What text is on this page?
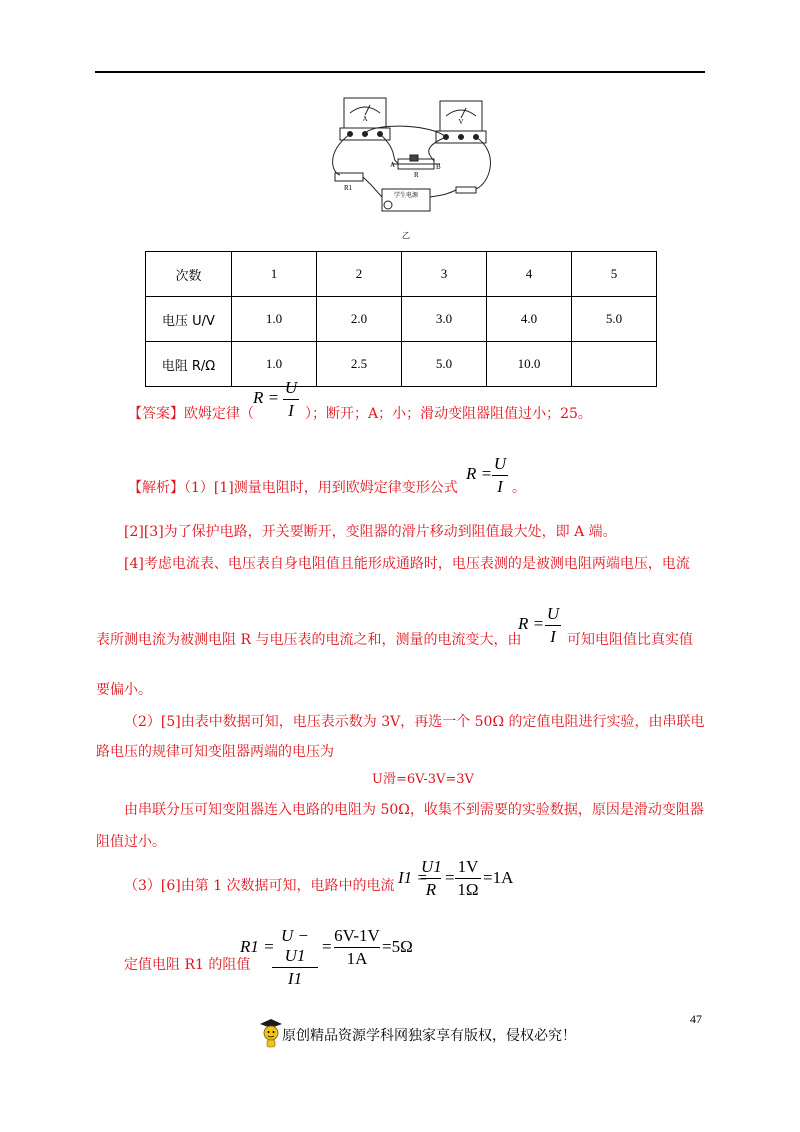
A	V
A	B
R
R1
学生电源
乙
次数	1	2	3	4	5
电压 U/V	1.0	2.0	3.0	4.0	5.0
电阻 R/Ω	1.0	2.5	5.0	10.0	
【答案】欧姆定律（
R =
U
I ）；断开；A；小；滑动变阻器阻值过小；25。
【解析】（1）[1]测量电阻时，用到欧姆定律变形公式
R =
U
I 。
[2][3]为了保护电路，开关要断开，变阻器的滑片移动到阻值最大处，即 A 端。
[4]考虑电流表、电压表自身电阻值且能形成通路时，电压表测的是被测电阻两端电压，电流
表所测电流为被测电阻 R 与电压表的电流之和，测量的电流变大，由
R =
U
I 可知电阻值比真实值
要偏小。
（2）[5]由表中数据可知，电压表示数为 3V，再选一个 50Ω 的定值电阻进行实验，由串联电
路电压的规律可知变阻器两端的电压为
U滑=6V-3V=3V
由串联分压可知变阻器连入电路的电阻为 50Ω，收集不到需要的实验数据，原因是滑动变阻器
阻值过小。
（3）[6]由第 1 次数据可知，电路中的电流 I1 =
U1
R
=
1V
1Ω
=1A
定值电阻 R1 的阻值
R1 =
U − U1
I1
=
6V-1V
1A
=5Ω
47
原创精品资源学科网独家享有版权，侵权必究！
